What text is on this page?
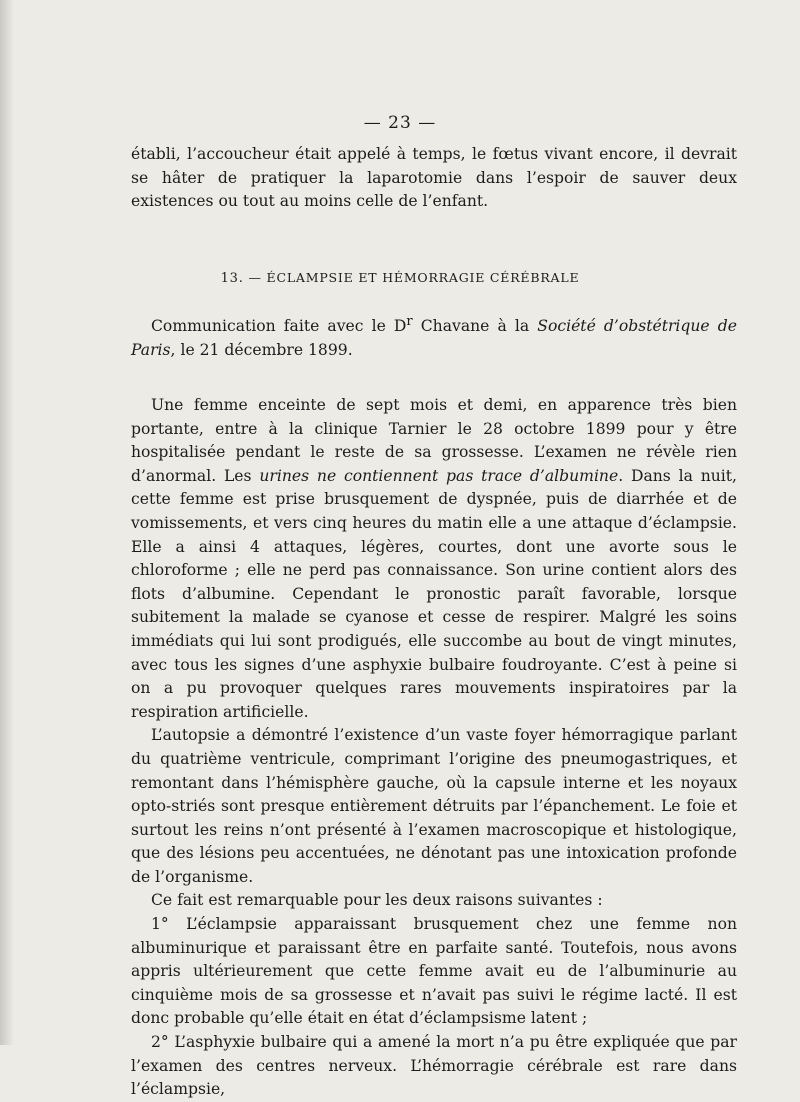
— 23 —

établi, l’accoucheur était appelé à temps, le fœtus vivant encore, il devrait se hâter de pratiquer la laparotomie dans l’espoir de sauver deux existences ou tout au moins celle de l’enfant.

13. — ÉCLAMPSIE ET HÉMORRAGIE CÉRÉBRALE

Communication faite avec le $D^r$ Chavane à la Société d’obstétrique de Paris, le 21 décembre 1899.

Une femme enceinte de sept mois et demi, en apparence très bien portante, entre à la clinique Tarnier le 28 octobre 1899 pour y être hospitalisée pendant le reste de sa grossesse. L’examen ne révèle rien d’anormal. Les urines ne contiennent pas trace d’albumine. Dans la nuit, cette femme est prise brusquement de dyspnée, puis de diarrhée et de vomissements, et vers cinq heures du matin elle a une attaque d’éclampsie. Elle a ainsi 4 attaques, légères, courtes, dont une avorte sous le chloroforme ; elle ne perd pas connaissance. Son urine contient alors des flots d’albumine. Cependant le pronostic paraît favorable, lorsque subitement la malade se cyanose et cesse de respirer. Malgré les soins immédiats qui lui sont prodigués, elle succombe au bout de vingt minutes, avec tous les signes d’une asphyxie bulbaire foudroyante. C’est à peine si on a pu provoquer quelques rares mouvements inspiratoires par la respiration artificielle.

L’autopsie a démontré l’existence d’un vaste foyer hémorragique parlant du quatrième ventricule, comprimant l’origine des pneumogastriques, et remontant dans l’hémisphère gauche, où la capsule interne et les noyaux opto-striés sont presque entièrement détruits par l’épanchement. Le foie et surtout les reins n’ont présenté à l’examen macroscopique et histologique, que des lésions peu accentuées, ne dénotant pas une intoxication profonde de l’organisme.

Ce fait est remarquable pour les deux raisons suivantes :

1° L’éclampsie apparaissant brusquement chez une femme non albuminurique et paraissant être en parfaite santé. Toutefois, nous avons appris ultérieurement que cette femme avait eu de l’albuminurie au cinquième mois de sa grossesse et n’avait pas suivi le régime lacté. Il est donc probable qu’elle était en état d’éclampsisme latent ;

2° L’asphyxie bulbaire qui a amené la mort n’a pu être expliquée que par l’examen des centres nerveux. L’hémorragie cérébrale est rare dans l’éclampsie,
